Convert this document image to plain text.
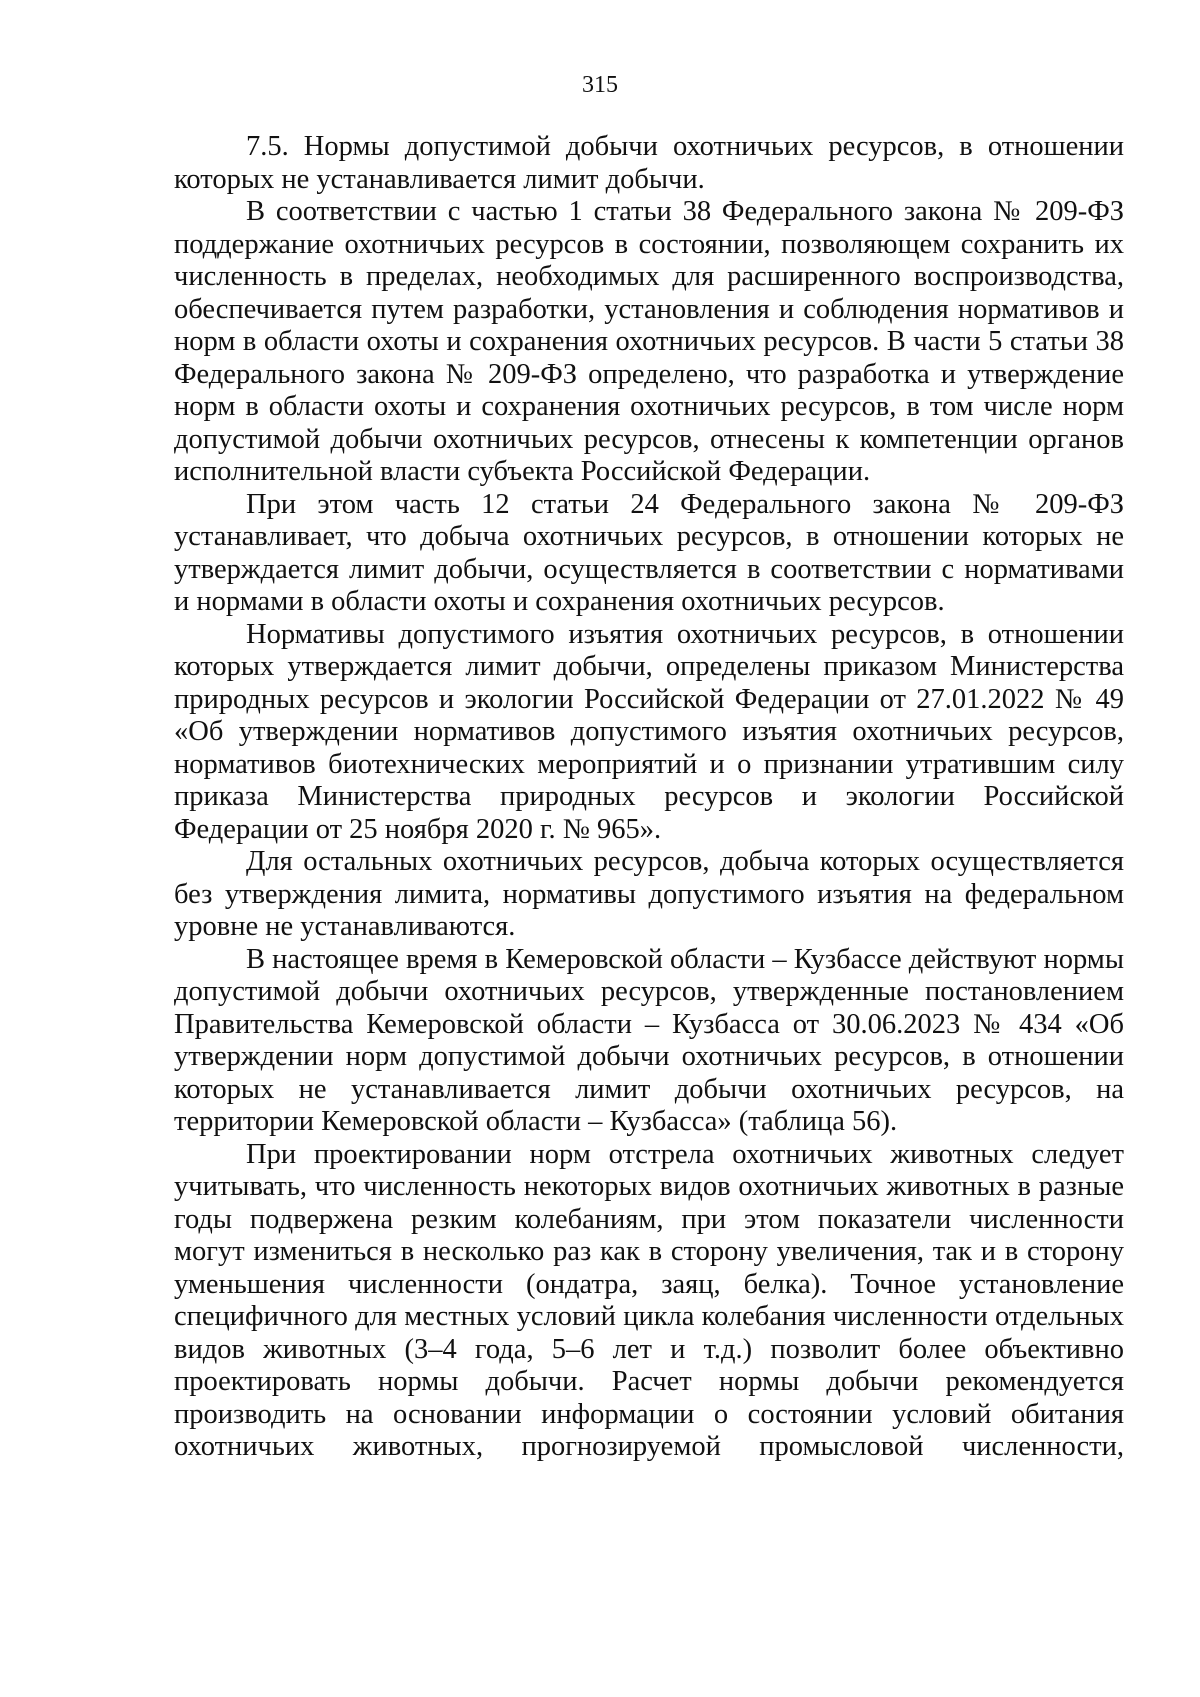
315

7.5. Нормы допустимой добычи охотничьих ресурсов, в отношении которых не устанавливается лимит добычи.

В соответствии с частью 1 статьи 38 Федерального закона № 209-ФЗ поддержание охотничьих ресурсов в состоянии, позволяющем сохранить их численность в пределах, необходимых для расширенного воспроизводства, обеспечивается путем разработки, установления и соблюдения нормативов и норм в области охоты и сохранения охотничьих ресурсов. В части 5 статьи 38 Федерального закона № 209-ФЗ определено, что разработка и утверждение норм в области охоты и сохранения охотничьих ресурсов, в том числе норм допустимой добычи охотничьих ресурсов, отнесены к компетенции органов исполнительной власти субъекта Российской Федерации.

При этом часть 12 статьи 24 Федерального закона № 209-ФЗ устанавливает, что добыча охотничьих ресурсов, в отношении которых не утверждается лимит добычи, осуществляется в соответствии с нормативами и нормами в области охоты и сохранения охотничьих ресурсов.

Нормативы допустимого изъятия охотничьих ресурсов, в отношении которых утверждается лимит добычи, определены приказом Министерства природных ресурсов и экологии Российской Федерации от 27.01.2022 № 49 «Об утверждении нормативов допустимого изъятия охотничьих ресурсов, нормативов биотехнических мероприятий и о признании утратившим силу приказа Министерства природных ресурсов и экологии Российской Федерации от 25 ноября 2020 г. № 965».

Для остальных охотничьих ресурсов, добыча которых осуществляется без утверждения лимита, нормативы допустимого изъятия на федеральном уровне не устанавливаются.

В настоящее время в Кемеровской области – Кузбассе действуют нормы допустимой добычи охотничьих ресурсов, утвержденные постановлением Правительства Кемеровской области – Кузбасса от 30.06.2023 № 434 «Об утверждении норм допустимой добычи охотничьих ресурсов, в отношении которых не устанавливается лимит добычи охотничьих ресурсов, на территории Кемеровской области – Кузбасса» (таблица 56).

При проектировании норм отстрела охотничьих животных следует учитывать, что численность некоторых видов охотничьих животных в разные годы подвержена резким колебаниям, при этом показатели численности могут измениться в несколько раз как в сторону увеличения, так и в сторону уменьшения численности (ондатра, заяц, белка). Точное установление специфичного для местных условий цикла колебания численности отдельных видов животных (3–4 года, 5–6 лет и т.д.) позволит более объективно проектировать нормы добычи. Расчет нормы добычи рекомендуется производить на основании информации о состоянии условий обитания охотничьих животных, прогнозируемой промысловой численности,
